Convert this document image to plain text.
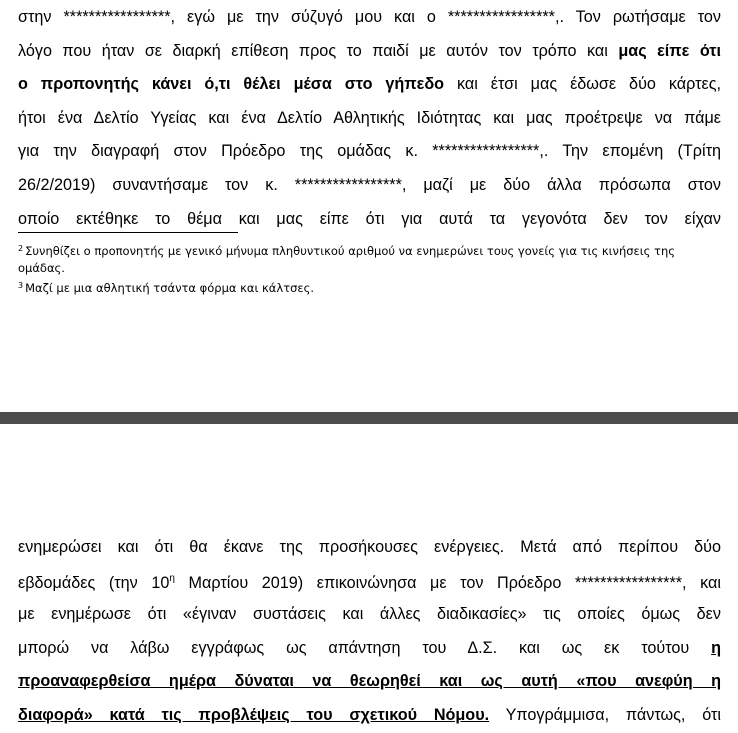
στην *****************, εγώ με την σύζυγό μου και ο *****************,. Τον ρωτήσαμε τον
λόγο που ήταν σε διαρκή επίθεση προς το παιδί με αυτόν τον τρόπο και μας είπε ότι
ο προπονητής κάνει ό,τι θέλει μέσα στο γήπεδο και έτσι μας έδωσε δύο κάρτες,
ήτοι ένα Δελτίο Υγείας και ένα Δελτίο Αθλητικής Ιδιότητας και μας προέτρεψε να πάμε
για την διαγραφή στον Πρόεδρο της ομάδας κ. *****************,. Την επομένη (Τρίτη
26/2/2019) συναντήσαμε τον κ. *****************, μαζί με δύο άλλα πρόσωπα στον
οποίο εκτέθηκε το θέμα και μας είπε ότι για αυτά τα γεγονότα δεν τον είχαν
$^2$ Συνηθίζει ο προπονητής με γενικό μήνυμα πληθυντικού αριθμού να ενημερώνει τους γονείς για τις κινήσεις της ομάδας.
$^3$ Μαζί με μια αθλητική τσάντα φόρμα και κάλτσες.
ενημερώσει και ότι θα έκανε της προσήκουσες ενέργειες. Μετά από περίπου δύο
εβδομάδες (την $10^\eta$ Μαρτίου 2019) επικοινώνησα με τον Πρόεδρο *****************, και
με ενημέρωσε ότι «έγιναν συστάσεις και άλλες διαδικασίες» τις οποίες όμως δεν
μπορώ να λάβω εγγράφως ως απάντηση του Δ.Σ. και ως εκ τούτου η
προαναφερθείσα ημέρα δύναται να θεωρηθεί και ως αυτή «που ανεφύη η
διαφορά» κατά τις προβλέψεις του σχετικού Νόμου. Υπογράμμισα, πάντως, ότι
